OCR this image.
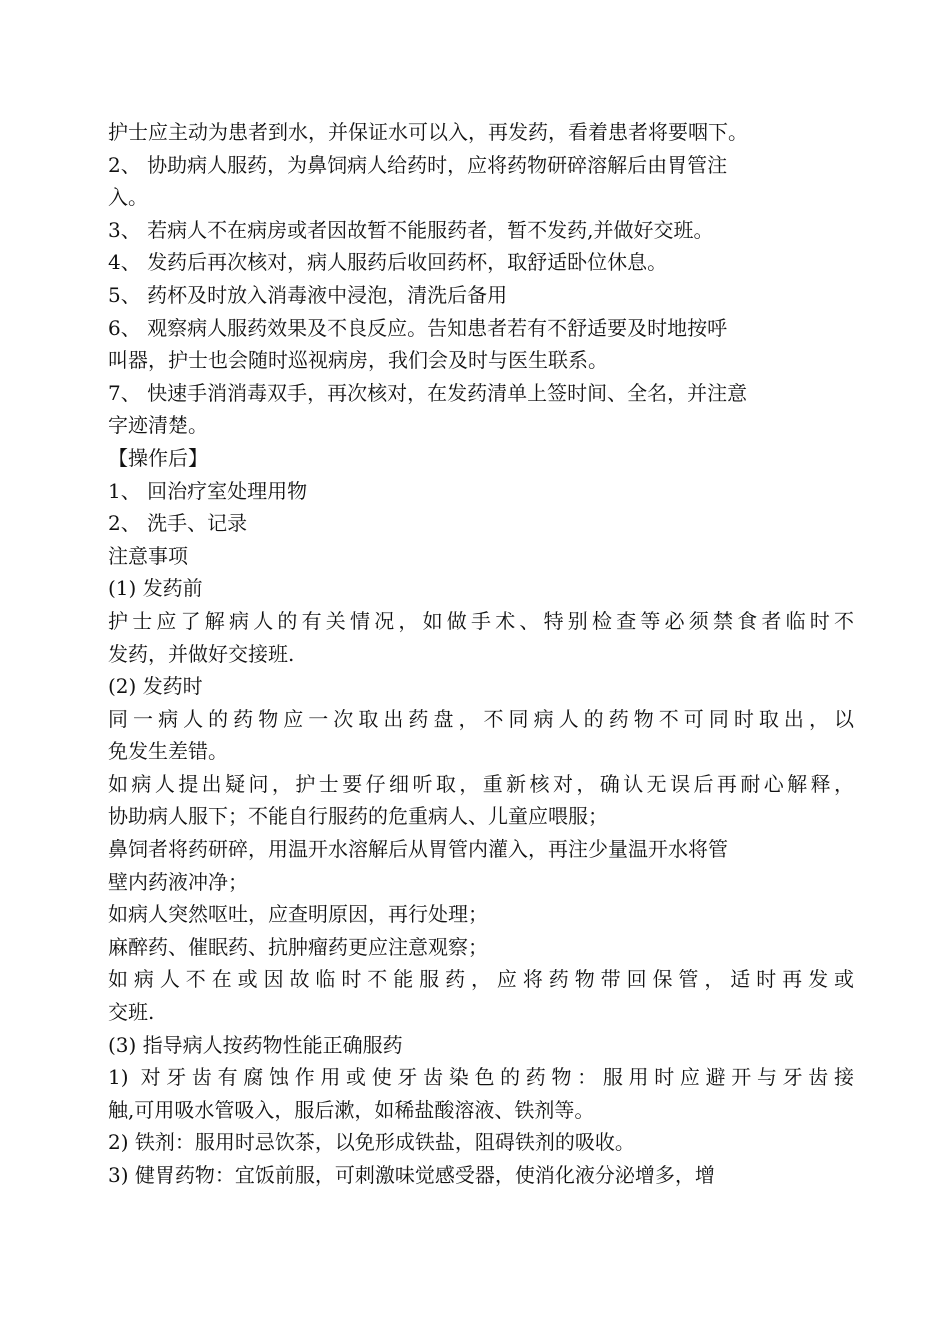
护士应主动为患者到水，并保证水可以入，再发药，看着患者将要咽下。
2、 协助病人服药，为鼻饲病人给药时，应将药物研碎溶解后由胃管注
入。
3、 若病人不在病房或者因故暂不能服药者，暂不发药,并做好交班。
4、 发药后再次核对，病人服药后收回药杯，取舒适卧位休息。
5、 药杯及时放入消毒液中浸泡，清洗后备用
6、 观察病人服药效果及不良反应。告知患者若有不舒适要及时地按呼
叫器，护士也会随时巡视病房，我们会及时与医生联系。
7、 快速手消消毒双手，再次核对，在发药清单上签时间、全名，并注意
字迹清楚。
【操作后】
1、 回治疗室处理用物
2、 洗手、记录
注意事项
(1) 发药前
护士应了解病人的有关情况，如做手术、特别检查等必须禁食者临时不
发药，并做好交接班.
(2) 发药时
同一病人的药物应一次取出药盘，不同病人的药物不可同时取出，以
免发生差错。
如病人提出疑问，护士要仔细听取，重新核对，确认无误后再耐心解释，
协助病人服下；不能自行服药的危重病人、儿童应喂服；
鼻饲者将药研碎，用温开水溶解后从胃管内灌入，再注少量温开水将管
壁内药液冲净；
如病人突然呕吐，应查明原因，再行处理；
麻醉药、催眠药、抗肿瘤药更应注意观察；
如病人不在或因故临时不能服药，应将药物带回保管，适时再发或
交班.
(3) 指导病人按药物性能正确服药
1) 对牙齿有腐蚀作用或使牙齿染色的药物：服用时应避开与牙齿接
触,可用吸水管吸入，服后漱，如稀盐酸溶液、铁剂等。
2) 铁剂：服用时忌饮茶，以免形成铁盐，阻碍铁剂的吸收。
3) 健胃药物：宜饭前服，可刺激味觉感受器，使消化液分泌增多，增
